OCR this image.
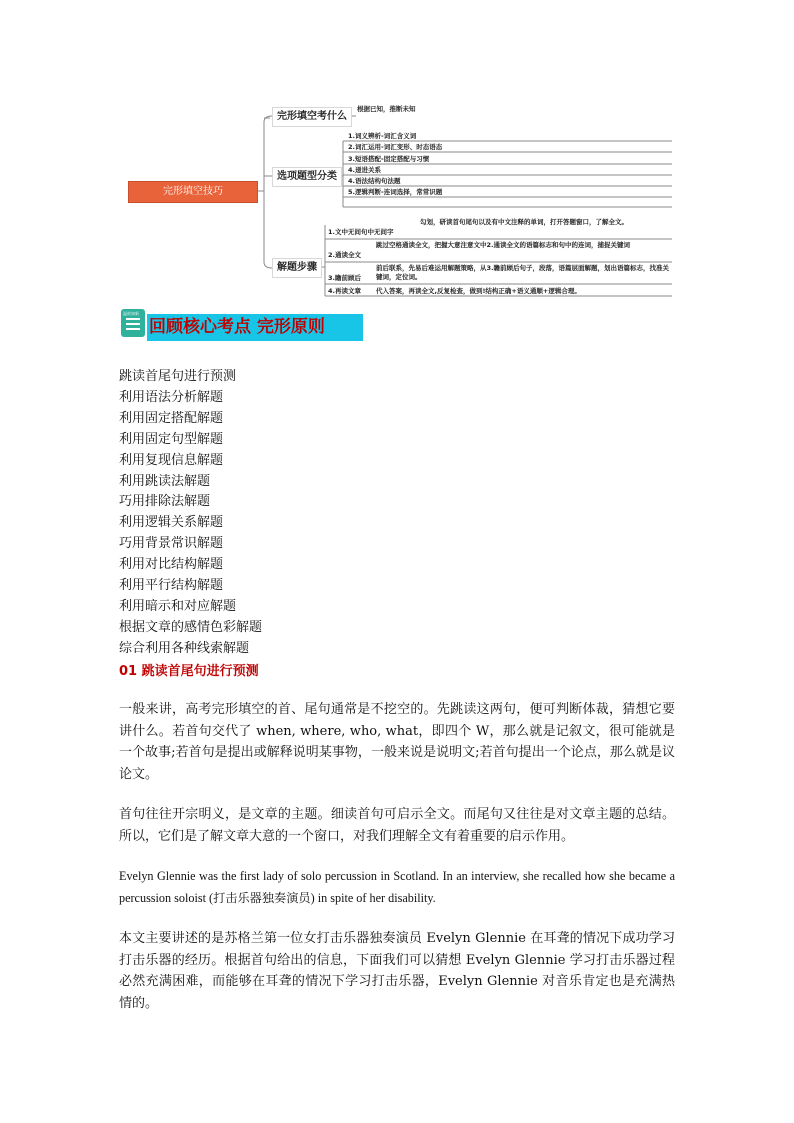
完形填空技巧
完形填空考什么
根据已知，推断未知
选项题型分类
1.词义辨析-词汇含义词
2.词汇运用-词汇变形、时态语态
3.短语搭配-固定搭配与习惯
4.递进关系
4.语法结构句法题
5.逻辑判断-连词选择，常常识题
解题步骤
1.文中无间句中无间字
勾划，研读首句尾句以及有中文注释的单词，打开答题窗口，了解全文。
2.通读全文
跳过空格通读全文，把握大意注意文中2.通读全文的语篇标志和句中的连词，捕捉关键词
3.瞻前顾后
前后联系，先易后难运用解题策略，从3.瞻前顾后句子，段落，语篇层面解题，划出语篇标志，找准关键词，定位词。
4.再读文章 代入答案，再读全文,反复检查，做到!结构正确+语义通顺+逻辑合理。
温故知新
回顾核心考点 完形原则
跳读首尾句进行预测
利用语法分析解题
利用固定搭配解题
利用固定句型解题
利用复现信息解题
利用跳读法解题
巧用排除法解题
利用逻辑关系解题
巧用背景常识解题
利用对比结构解题
利用平行结构解题
利用暗示和对应解题
根据文章的感情色彩解题
综合利用各种线索解题
01 跳读首尾句进行预测

一般来讲，高考完形填空的首、尾句通常是不挖空的。先跳读这两句，便可判断体裁，猜想它要讲什么。若首句交代了 when, where, who, what，即四个 W，那么就是记叙文，很可能就是一个故事;若首句是提出或解释说明某事物，一般来说是说明文;若首句提出一个论点，那么就是议论文。

首句往往开宗明义，是文章的主题。细读首句可启示全文。而尾句又往往是对文章主题的总结。所以，它们是了解文章大意的一个窗口，对我们理解全文有着重要的启示作用。

Evelyn Glennie was the first lady of solo percussion in Scotland. In an interview, she recalled how she became a percussion soloist (打击乐器独奏演员) in spite of her disability.

本文主要讲述的是苏格兰第一位女打击乐器独奏演员 Evelyn Glennie 在耳聋的情况下成功学习打击乐器的经历。根据首句给出的信息，下面我们可以猜想 Evelyn Glennie 学习打击乐器过程必然充满困难，而能够在耳聋的情况下学习打击乐器，Evelyn Glennie 对音乐肯定也是充满热情的。
